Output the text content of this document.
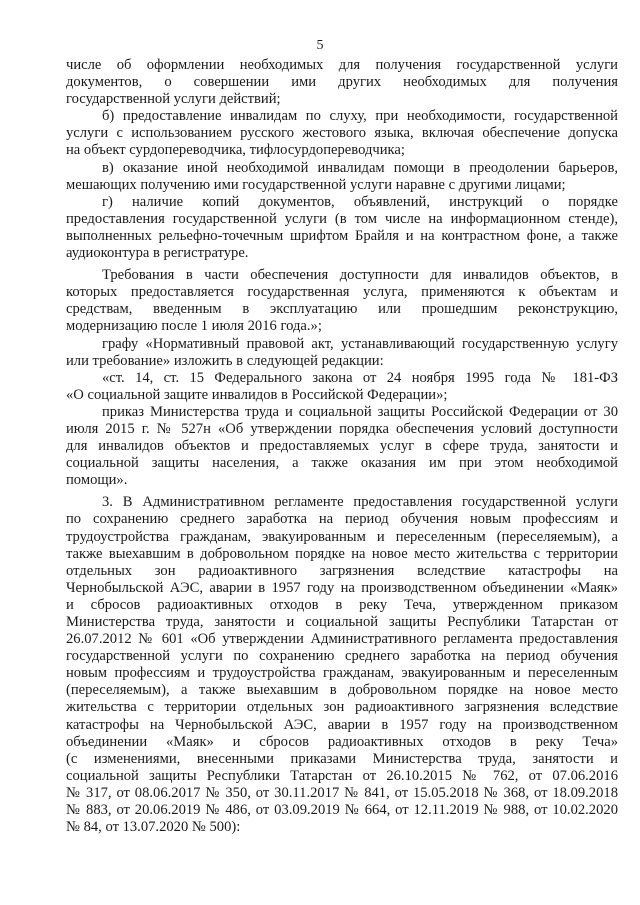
5

числе об оформлении необходимых для получения государственной услуги

документов, о совершении ими других необходимых для получения

государственной услуги действий;

б) предоставление инвалидам по слуху, при необходимости, государственной

услуги с использованием русского жестового языка, включая обеспечение допуска

на объект сурдопереводчика, тифлосурдопереводчика;

в) оказание иной необходимой инвалидам помощи в преодолении барьеров,

мешающих получению ими государственной услуги наравне с другими лицами;

г) наличие копий документов, объявлений, инструкций о порядке

предоставления государственной услуги (в том числе на информационном стенде),

выполненных рельефно-точечным шрифтом Брайля и на контрастном фоне, а также

аудиоконтура в регистратуре.

Требования в части обеспечения доступности для инвалидов объектов, в

которых предоставляется государственная услуга, применяются к объектам и

средствам, введенным в эксплуатацию или прошедшим реконструкцию,

модернизацию после 1 июля 2016 года.»;

графу «Нормативный правовой акт, устанавливающий государственную услугу

или требование» изложить в следующей редакции:

«ст. 14, ст. 15 Федерального закона от 24 ноября 1995 года № 181-ФЗ

«О социальной защите инвалидов в Российской Федерации»;

приказ Министерства труда и социальной защиты Российской Федерации от 30

июля 2015 г. № 527н «Об утверждении порядка обеспечения условий доступности

для инвалидов объектов и предоставляемых услуг в сфере труда, занятости и

социальной защиты населения, а также оказания им при этом необходимой

помощи».

3. В Административном регламенте предоставления государственной услуги

по сохранению среднего заработка на период обучения новым профессиям и

трудоустройства гражданам, эвакуированным и переселенным (переселяемым), а

также выехавшим в добровольном порядке на новое место жительства с территории

отдельных зон радиоактивного загрязнения вследствие катастрофы на

Чернобыльской АЭС, аварии в 1957 году на производственном объединении «Маяк»

и сбросов радиоактивных отходов в реку Теча, утвержденном приказом

Министерства труда, занятости и социальной защиты Республики Татарстан от

26.07.2012 № 601 «Об утверждении Административного регламента предоставления

государственной услуги по сохранению среднего заработка на период обучения

новым профессиям и трудоустройства гражданам, эвакуированным и переселенным

(переселяемым), а также выехавшим в добровольном порядке на новое место

жительства с территории отдельных зон радиоактивного загрязнения вследствие

катастрофы на Чернобыльской АЭС, аварии в 1957 году на производственном

объединении «Маяк» и сбросов радиоактивных отходов в реку Теча»

(с изменениями, внесенными приказами Министерства труда, занятости и

социальной защиты Республики Татарстан от 26.10.2015 № 762, от 07.06.2016

№ 317, от 08.06.2017 № 350, от 30.11.2017 № 841, от 15.05.2018 № 368, от 18.09.2018

№ 883, от 20.06.2019 № 486, от 03.09.2019 № 664, от 12.11.2019 № 988, от 10.02.2020

№ 84, от 13.07.2020 № 500):
